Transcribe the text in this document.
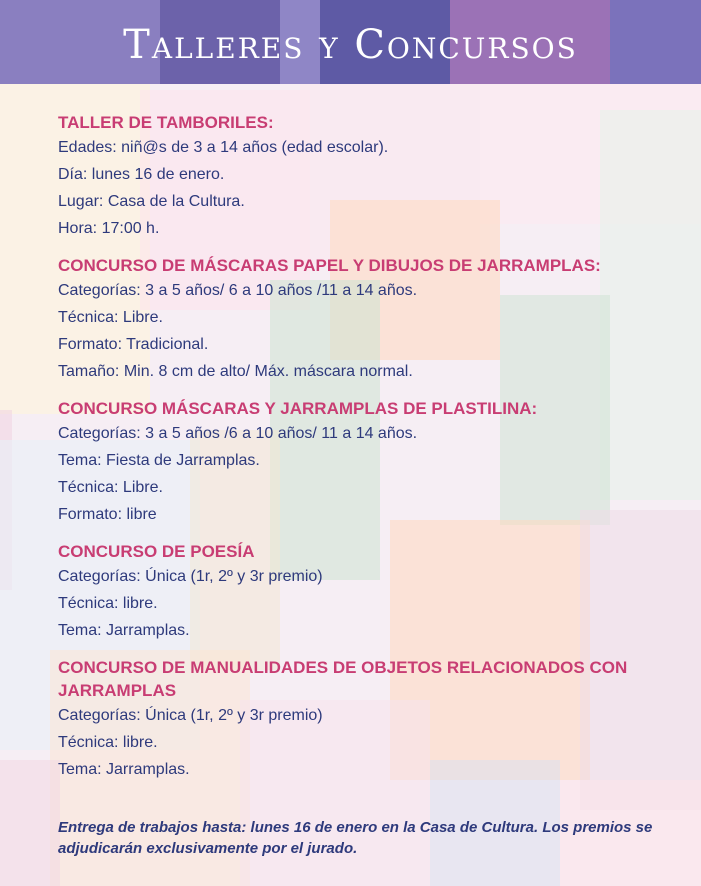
Talleres y Concursos

TALLER DE TAMBORILES:

Edades: niñ@s de 3 a 14 años (edad escolar).

Día: lunes 16 de enero.

Lugar: Casa de la Cultura.

Hora: 17:00 h.

CONCURSO DE MÁSCARAS PAPEL Y DIBUJOS DE JARRAMPLAS:

Categorías: 3 a 5 años/ 6 a 10 años /11 a 14 años.

Técnica: Libre.

Formato: Tradicional.

Tamaño: Min. 8 cm de alto/ Máx. máscara normal.

CONCURSO MÁSCARAS Y JARRAMPLAS DE PLASTILINA:

Categorías: 3 a 5 años /6 a 10 años/ 11 a 14 años.

Tema: Fiesta de Jarramplas.

Técnica: Libre.

Formato: libre

CONCURSO DE POESÍA

Categorías: Única (1r, 2º y 3r premio)

Técnica: libre.

Tema: Jarramplas.

CONCURSO DE MANUALIDADES DE OBJETOS RELACIONADOS CON JARRAMPLAS

Categorías: Única (1r, 2º y 3r premio)

Técnica: libre.

Tema: Jarramplas.

Entrega de trabajos hasta: lunes 16 de enero en la Casa de Cultura. Los premios se adjudicarán exclusivamente por el jurado.
